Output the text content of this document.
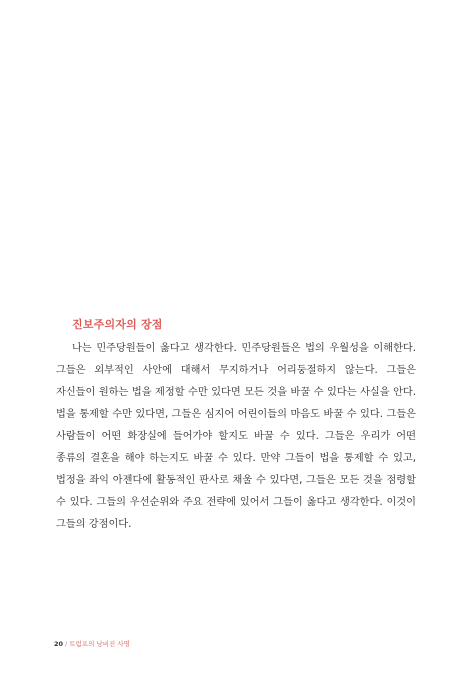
진보주의자의 장점

나는 민주당원들이 옳다고 생각한다. 민주당원들은 법의 우월성을 이해한다. 그들은 외부적인 사안에 대해서 무지하거나 어리둥절하지 않는다. 그들은 자신들이 원하는 법을 제정할 수만 있다면 모든 것을 바꿀 수 있다는 사실을 안다. 법을 통제할 수만 있다면, 그들은 심지어 어린이들의 마음도 바꿀 수 있다. 그들은 사람들이 어떤 화장실에 들어가야 할지도 바꿀 수 있다. 그들은 우리가 어떤 종류의 결혼을 해야 하는지도 바꿀 수 있다. 만약 그들이 법을 통제할 수 있고, 법정을 좌익 아젠다에 활동적인 판사로 채울 수 있다면, 그들은 모든 것을 점령할 수 있다. 그들의 우선순위와 주요 전략에 있어서 그들이 옳다고 생각한다. 이것이 그들의 강점이다.

20 / 트럼프의 낭비진 사명
